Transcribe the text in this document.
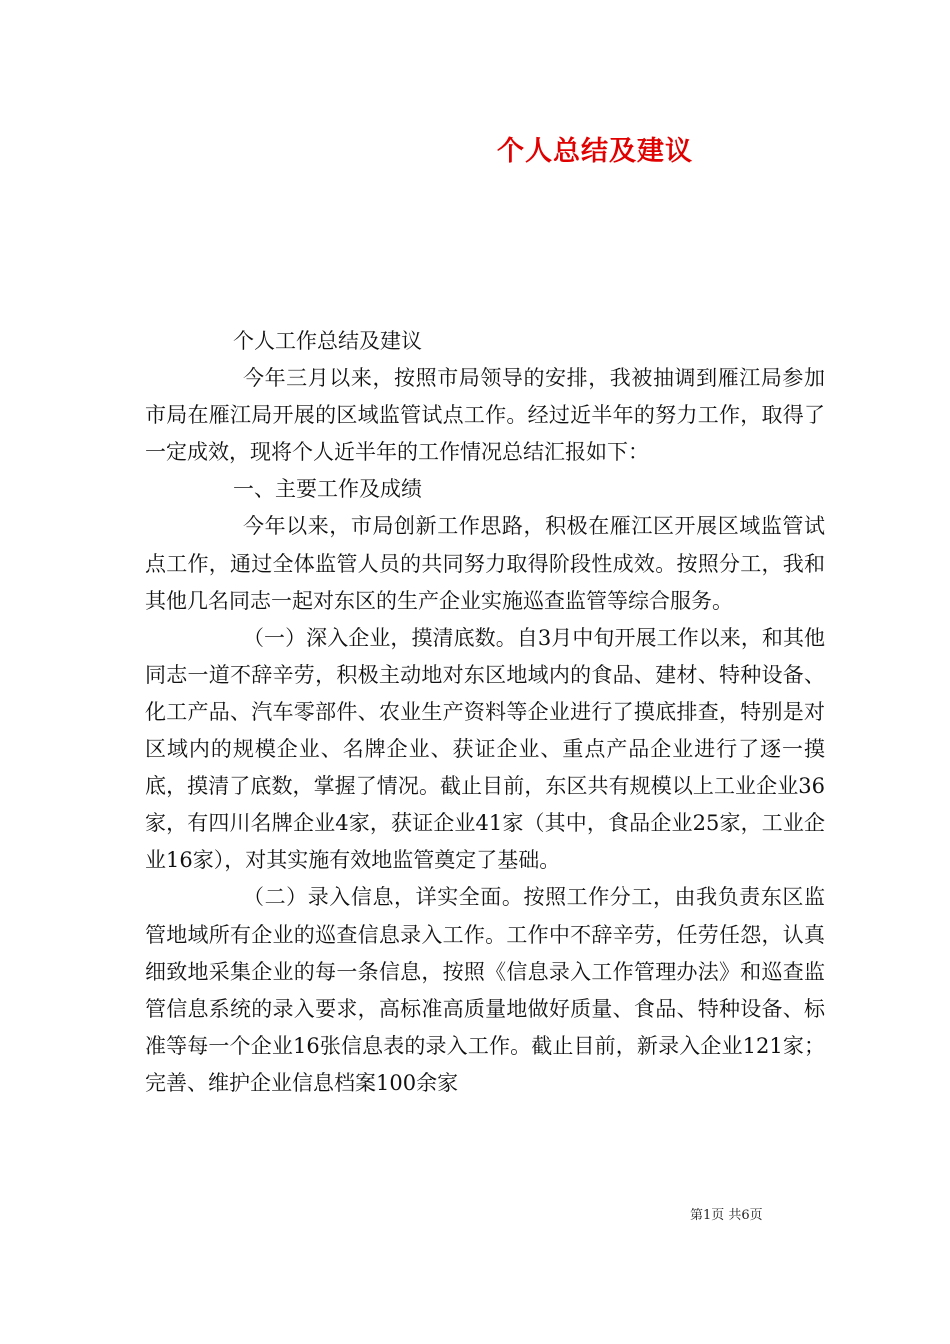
个人总结及建议

个人工作总结及建议

今年三月以来，按照市局领导的安排，我被抽调到雁江局参加市局在雁江局开展的区域监管试点工作。经过近半年的努力工作，取得了一定成效，现将个人近半年的工作情况总结汇报如下：

一、主要工作及成绩

今年以来，市局创新工作思路，积极在雁江区开展区域监管试点工作，通过全体监管人员的共同努力取得阶段性成效。按照分工，我和其他几名同志一起对东区的生产企业实施巡查监管等综合服务。

（一）深入企业，摸清底数。自3月中旬开展工作以来，和其他同志一道不辞辛劳，积极主动地对东区地域内的食品、建材、特种设备、化工产品、汽车零部件、农业生产资料等企业进行了摸底排查，特别是对区域内的规模企业、名牌企业、获证企业、重点产品企业进行了逐一摸底，摸清了底数，掌握了情况。截止目前，东区共有规模以上工业企业36家，有四川名牌企业4家，获证企业41家（其中，食品企业25家，工业企业16家），对其实施有效地监管奠定了基础。

（二）录入信息，详实全面。按照工作分工，由我负责东区监管地域所有企业的巡查信息录入工作。工作中不辞辛劳，任劳任怨，认真细致地采集企业的每一条信息，按照《信息录入工作管理办法》和巡查监管信息系统的录入要求，高标准高质量地做好质量、食品、特种设备、标准等每一个企业16张信息表的录入工作。截止目前，新录入企业121家；完善、维护企业信息档案100余家

第1页 共6页
